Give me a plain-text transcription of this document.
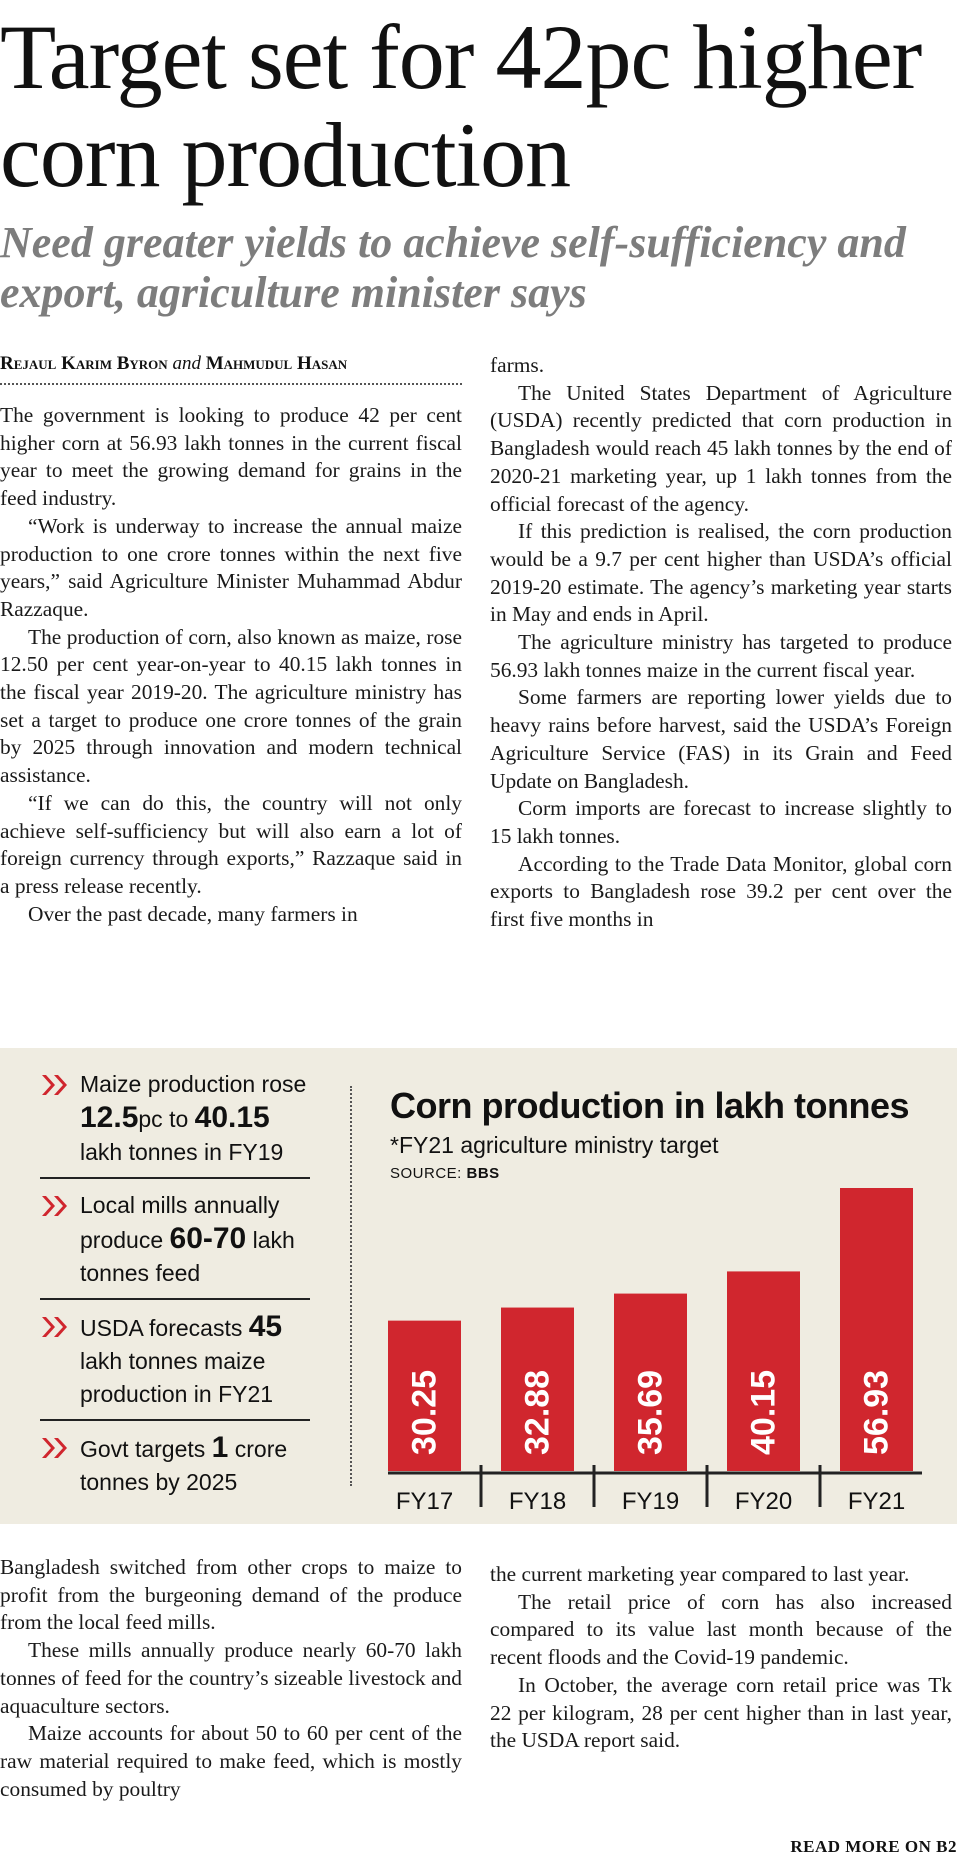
Target set for 42pc higher corn production
Need greater yields to achieve self-sufficiency and export, agriculture minister says
Rejaul Karim Byron and Mahmudul Hasan

The government is looking to produce 42 per cent higher corn at 56.93 lakh tonnes in the current fiscal year to meet the growing demand for grains in the feed industry.

“Work is underway to increase the annual maize production to one crore tonnes within the next five years,” said Agriculture Minister Muhammad Abdur Razzaque.

The production of corn, also known as maize, rose 12.50 per cent year-on-year to 40.15 lakh tonnes in the fiscal year 2019-20. The agriculture ministry has set a target to produce one crore tonnes of the grain by 2025 through innovation and modern technical assistance.

“If we can do this, the country will not only achieve self-sufficiency but will also earn a lot of foreign currency through exports,” Razzaque said in a press release recently.

Over the past decade, many farmers in

farms.

The United States Department of Agriculture (USDA) recently predicted that corn production in Bangladesh would reach 45 lakh tonnes by the end of 2020-21 marketing year, up 1 lakh tonnes from the official forecast of the agency.

If this prediction is realised, the corn production would be a 9.7 per cent higher than USDA’s official 2019-20 estimate. The agency’s marketing year starts in May and ends in April.

The agriculture ministry has targeted to produce 56.93 lakh tonnes maize in the current fiscal year.

Some farmers are reporting lower yields due to heavy rains before harvest, said the USDA’s Foreign Agriculture Service (FAS) in its Grain and Feed Update on Bangladesh.

Corm imports are forecast to increase slightly to 15 lakh tonnes.

According to the Trade Data Monitor, global corn exports to Bangladesh rose 39.2 per cent over the first five months in

Maize production rose 12.5pc to 40.15 lakh tonnes in FY19
Local mills annually produce 60-70 lakh tonnes feed
USDA forecasts 45 lakh tonnes maize production in FY21
Govt targets 1 crore tonnes by 2025
Corn production in lakh tonnes
*FY21 agriculture ministry target
SOURCE: BBS
30.25
FY17
32.88
FY18
35.69
FY19
40.15
FY20
56.93
FY21

Bangladesh switched from other crops to maize to profit from the burgeoning demand of the produce from the local feed mills.

These mills annually produce nearly 60-70 lakh tonnes of feed for the country’s sizeable livestock and aquaculture sectors.

Maize accounts for about 50 to 60 per cent of the raw material required to make feed, which is mostly consumed by poultry

the current marketing year compared to last year.

The retail price of corn has also increased compared to its value last month because of the recent floods and the Covid-19 pandemic.

In October, the average corn retail price was Tk 22 per kilogram, 28 per cent higher than in last year, the USDA report said.

READ MORE ON B2
